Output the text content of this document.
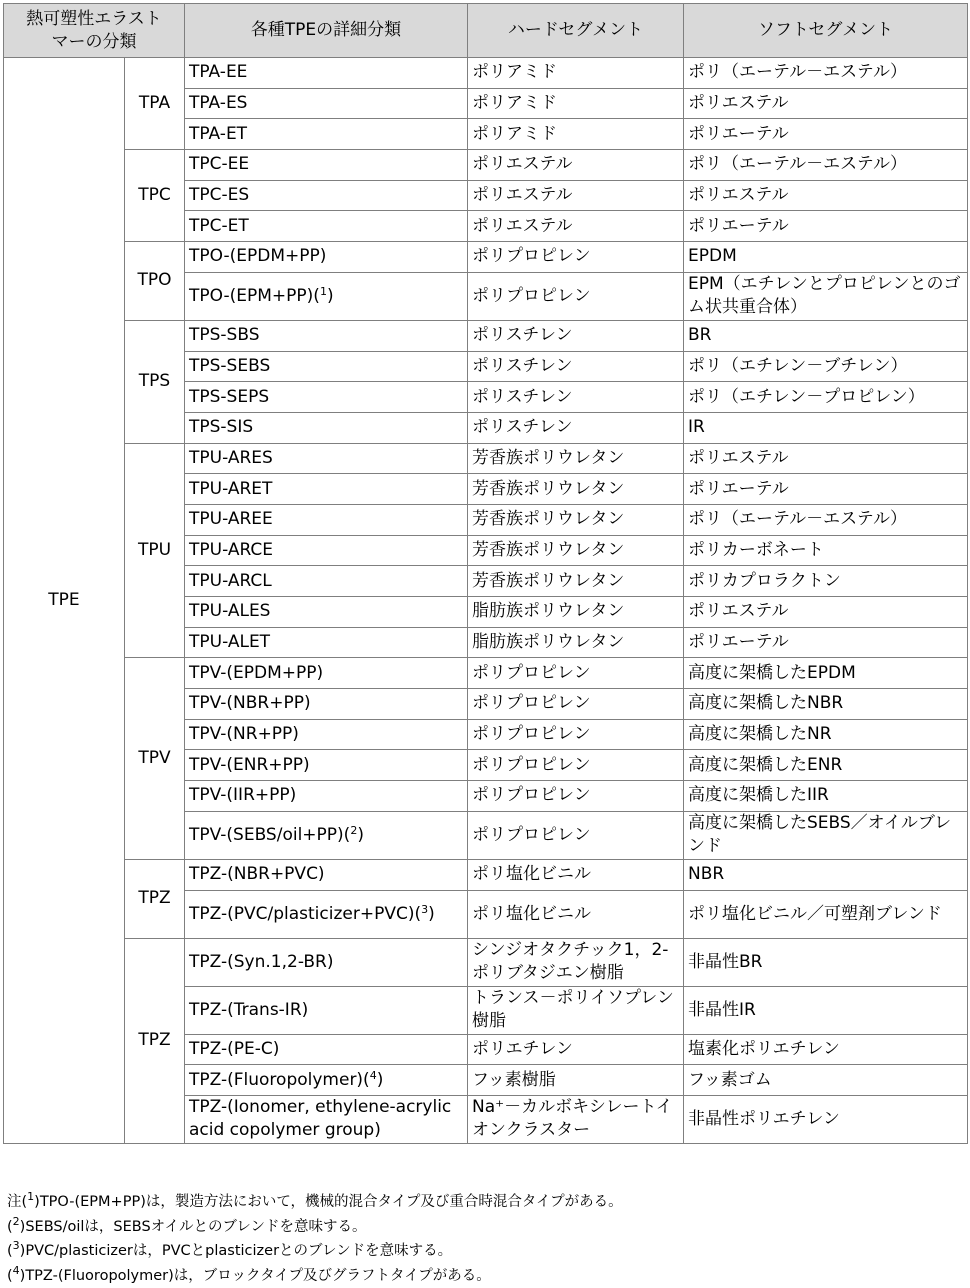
熱可塑性エラスト
マーの分類		各種TPEの詳細分類	ハードセグメント	ソフトセグメント
TPE	TPA	TPA-EE	ポリアミド	ポリ（エーテル－エステル）
		TPA-ES	ポリアミド	ポリエステル
		TPA-ET	ポリアミド	ポリエーテル
	TPC	TPC-EE	ポリエステル	ポリ（エーテル－エステル）
		TPC-ES	ポリエステル	ポリエステル
		TPC-ET	ポリエステル	ポリエーテル
	TPO	TPO-(EPDM+PP)	ポリプロピレン	EPDM
		TPO-(EPM+PP)($^1$)	ポリプロピレン	EPM（エチレンとプロピレンとのゴム状共重合体）
	TPS	TPS-SBS	ポリスチレン	BR
		TPS-SEBS	ポリスチレン	ポリ（エチレン－ブチレン）
		TPS-SEPS	ポリスチレン	ポリ（エチレン－プロピレン）
		TPS-SIS	ポリスチレン	IR
	TPU	TPU-ARES	芳香族ポリウレタン	ポリエステル
		TPU-ARET	芳香族ポリウレタン	ポリエーテル
		TPU-AREE	芳香族ポリウレタン	ポリ（エーテル－エステル）
		TPU-ARCE	芳香族ポリウレタン	ポリカーボネート
		TPU-ARCL	芳香族ポリウレタン	ポリカプロラクトン
		TPU-ALES	脂肪族ポリウレタン	ポリエステル
		TPU-ALET	脂肪族ポリウレタン	ポリエーテル
	TPV	TPV-(EPDM+PP)	ポリプロピレン	高度に架橋したEPDM
		TPV-(NBR+PP)	ポリプロピレン	高度に架橋したNBR
		TPV-(NR+PP)	ポリプロピレン	高度に架橋したNR
		TPV-(ENR+PP)	ポリプロピレン	高度に架橋したENR
		TPV-(IIR+PP)	ポリプロピレン	高度に架橋したIIR
		TPV-(SEBS/oil+PP)($^2$)	ポリプロピレン	高度に架橋したSEBS／オイルブレンド
	TPZ	TPZ-(NBR+PVC)	ポリ塩化ビニル	NBR
		TPZ-(PVC/plasticizer+PVC)($^3$)	ポリ塩化ビニル	ポリ塩化ビニル／可塑剤ブレンド
	TPZ	TPZ-(Syn.1,2-BR)	シンジオタクチック1，2-ポリブタジエン樹脂	非晶性BR
		TPZ-(Trans-IR)	トランス－ポリイソプレン樹脂	非晶性IR
		TPZ-(PE-C)	ポリエチレン	塩素化ポリエチレン
		TPZ-(Fluoropolymer)($^4$)	フッ素樹脂	フッ素ゴム
		TPZ-(Ionomer, ethylene-acrylic acid copolymer group)	Na⁺－カルボキシレートイオンクラスター	非晶性ポリエチレン
注($^1$)TPO-(EPM+PP)は，製造方法において，機械的混合タイプ及び重合時混合タイプがある。
($^2$)SEBS/oilは，SEBSオイルとのブレンドを意味する。
($^3$)PVC/plasticizerは，PVCとplasticizerとのブレンドを意味する。
($^4$)TPZ-(Fluoropolymer)は，ブロックタイプ及びグラフトタイプがある。
